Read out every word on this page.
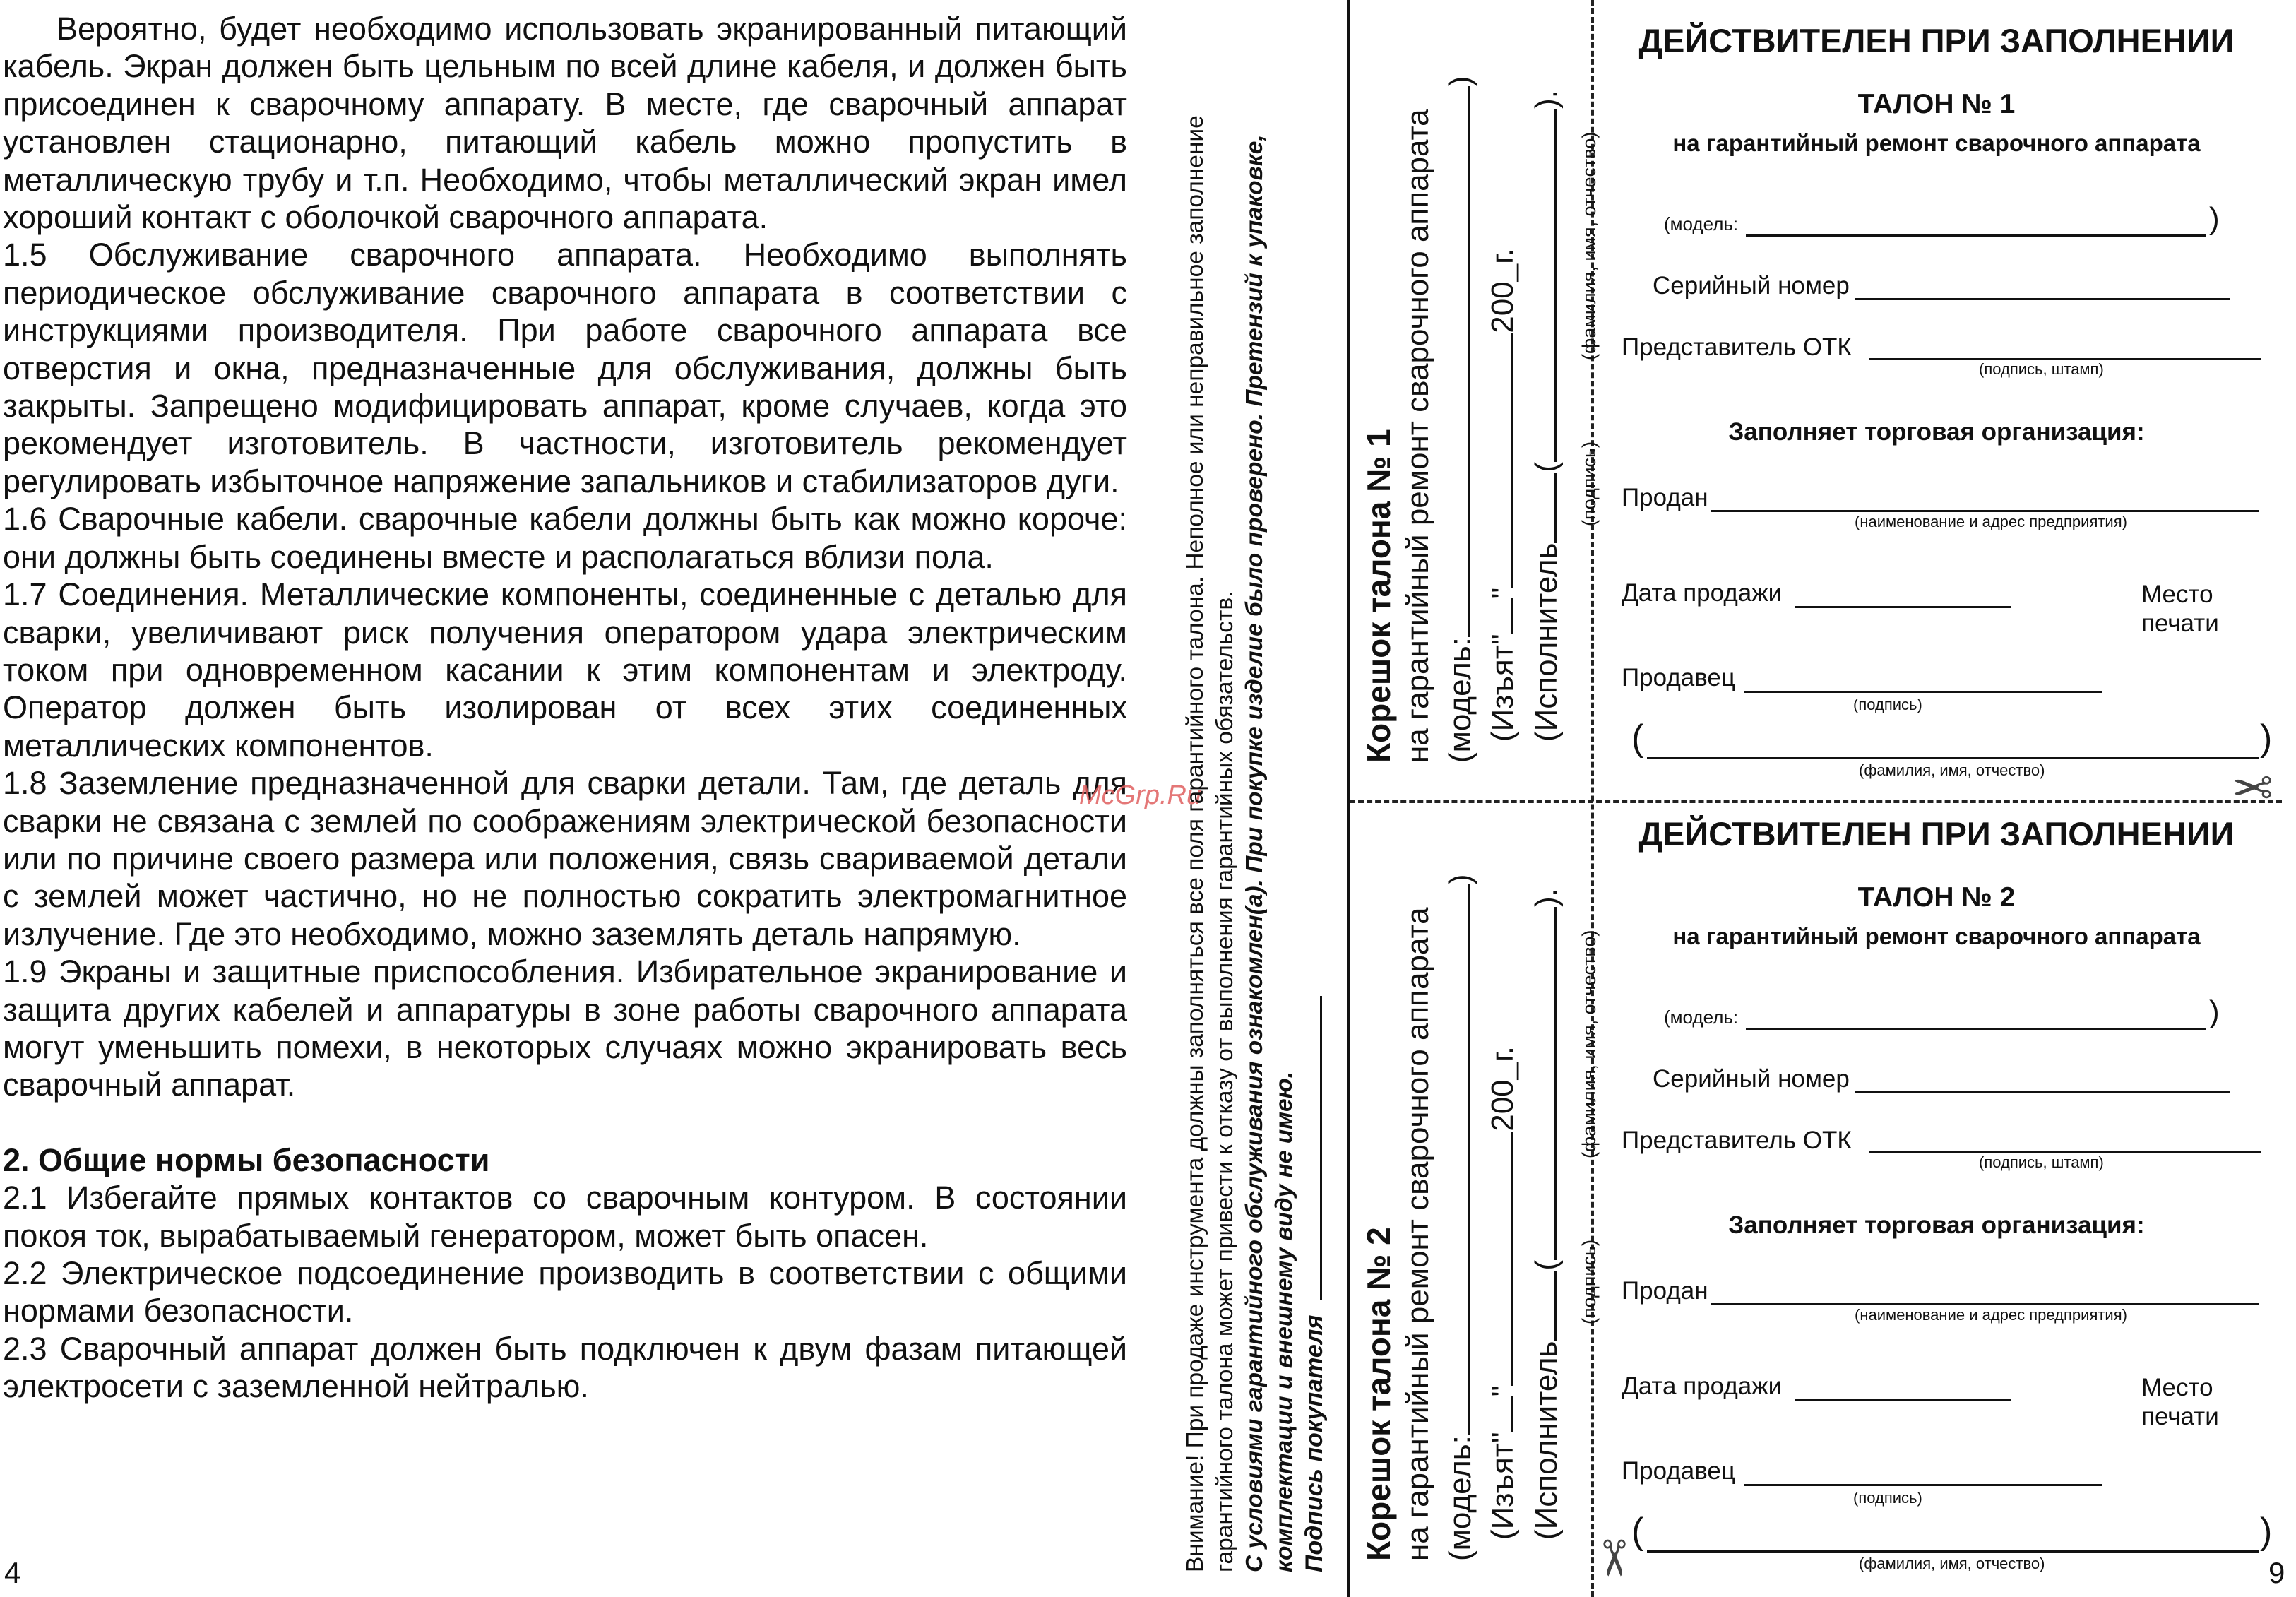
Вероятно, будет необходимо использовать экранированный питающий кабель. Экран должен быть цельным по всей длине кабеля, и должен быть присоединен к сварочному аппарату. В месте, где сварочный аппарат установлен стационарно, питающий кабель можно пропустить в металлическую трубу и т.п. Необходимо, чтобы металлический экран имел хороший контакт с оболочкой сварочного аппарата.

1.5 Обслуживание сварочного аппарата. Необходимо выполнять периодическое обслуживание сварочного аппарата в соответствии с инструкциями производителя. При работе сварочного аппарата все отверстия и окна, предназначенные для обслуживания, должны быть закрыты. Запрещено модифицировать аппарат, кроме случаев, когда это рекомендует изготовитель. В частности, изготовитель рекомендует регулировать избыточное напряжение запальников и стабилизаторов дуги.

1.6 Сварочные кабели. сварочные кабели должны быть как можно короче: они должны быть соединены вместе и располагаться вблизи пола.

1.7 Соединения. Металлические компоненты, соединенные с деталью для сварки, увеличивают риск получения оператором удара электрическим током при одновременном касании к этим компонентам и электроду. Оператор должен быть изолирован от всех этих соединенных металлических компонентов.

1.8 Заземление предназначенной для сварки детали. Там, где деталь для сварки не связана с землей по соображениям электрической безопасности или по причине своего размера или положения, связь свариваемой детали с землей может частично, но не полностью сократить электромагнитное излучение. Где это необходимо, можно заземлять деталь напрямую.

1.9 Экраны и защитные приспособления. Избирательное экранирование и защита других кабелей и аппаратуры в зоне работы сварочного аппарата могут уменьшить помехи, в некоторых случаях можно экранировать весь сварочный аппарат.

2. Общие нормы безопасности

2.1 Избегайте прямых контактов со сварочным контуром. В состоянии покоя ток, вырабатываемый генератором, может быть опасен.

2.2 Электрическое подсоединение производить в соответствии с общими нормами безопасности.

2.3 Сварочный аппарат должен быть подключен к двум фазам питающей электросети с заземленной нейтралью.

4	9
McGrp.Ru
Внимание! При продаже инструмента должны заполняться все поля гарантийного талона. Неполное или неправильное заполнение гарантийного талона может привести к отказу от выполнения гарантийных обязательств. С условиями гарантийного обслуживания ознакомлен(а). При покупке изделие было проверено. Претензий к упаковке, комплектации и внешнему виду не имею. Подпись покупателя
Корешок талона № 1 на гарантийный ремонт сварочного аппарата (модель:)
(Изъят""200_г.
(Исполнитель().
(подпись)
(фамилия, имя, отчество)
Корешок талона № 2 на гарантийный ремонт сварочного аппарата (модель:)
(Изъят""200_г.
(Исполнитель().
(подпись)
(фамилия, имя, отчество)
ДЕЙСТВИТЕЛЕН ПРИ ЗАПОЛНЕНИИ
ТАЛОН № 1
на гарантийный ремонт сварочного аппарата
(модель:	)
Серийный номер
Представитель ОТК
(подпись, штамп)
Заполняет торговая организация:
Продан
(наименование и адрес предприятия)
Дата продажи	Место
печати
Продавец
(подпись)
(	)
(фамилия, имя, отчество)
ДЕЙСТВИТЕЛЕН ПРИ ЗАПОЛНЕНИИ
ТАЛОН № 2
на гарантийный ремонт сварочного аппарата
(модель:	)
Серийный номер
Представитель ОТК
(подпись, штамп)
Заполняет торговая организация:
Продан
(наименование и адрес предприятия)
Дата продажи	Место
печати
Продавец
(подпись)
(	)
(фамилия, имя, отчество)
✂
✂
